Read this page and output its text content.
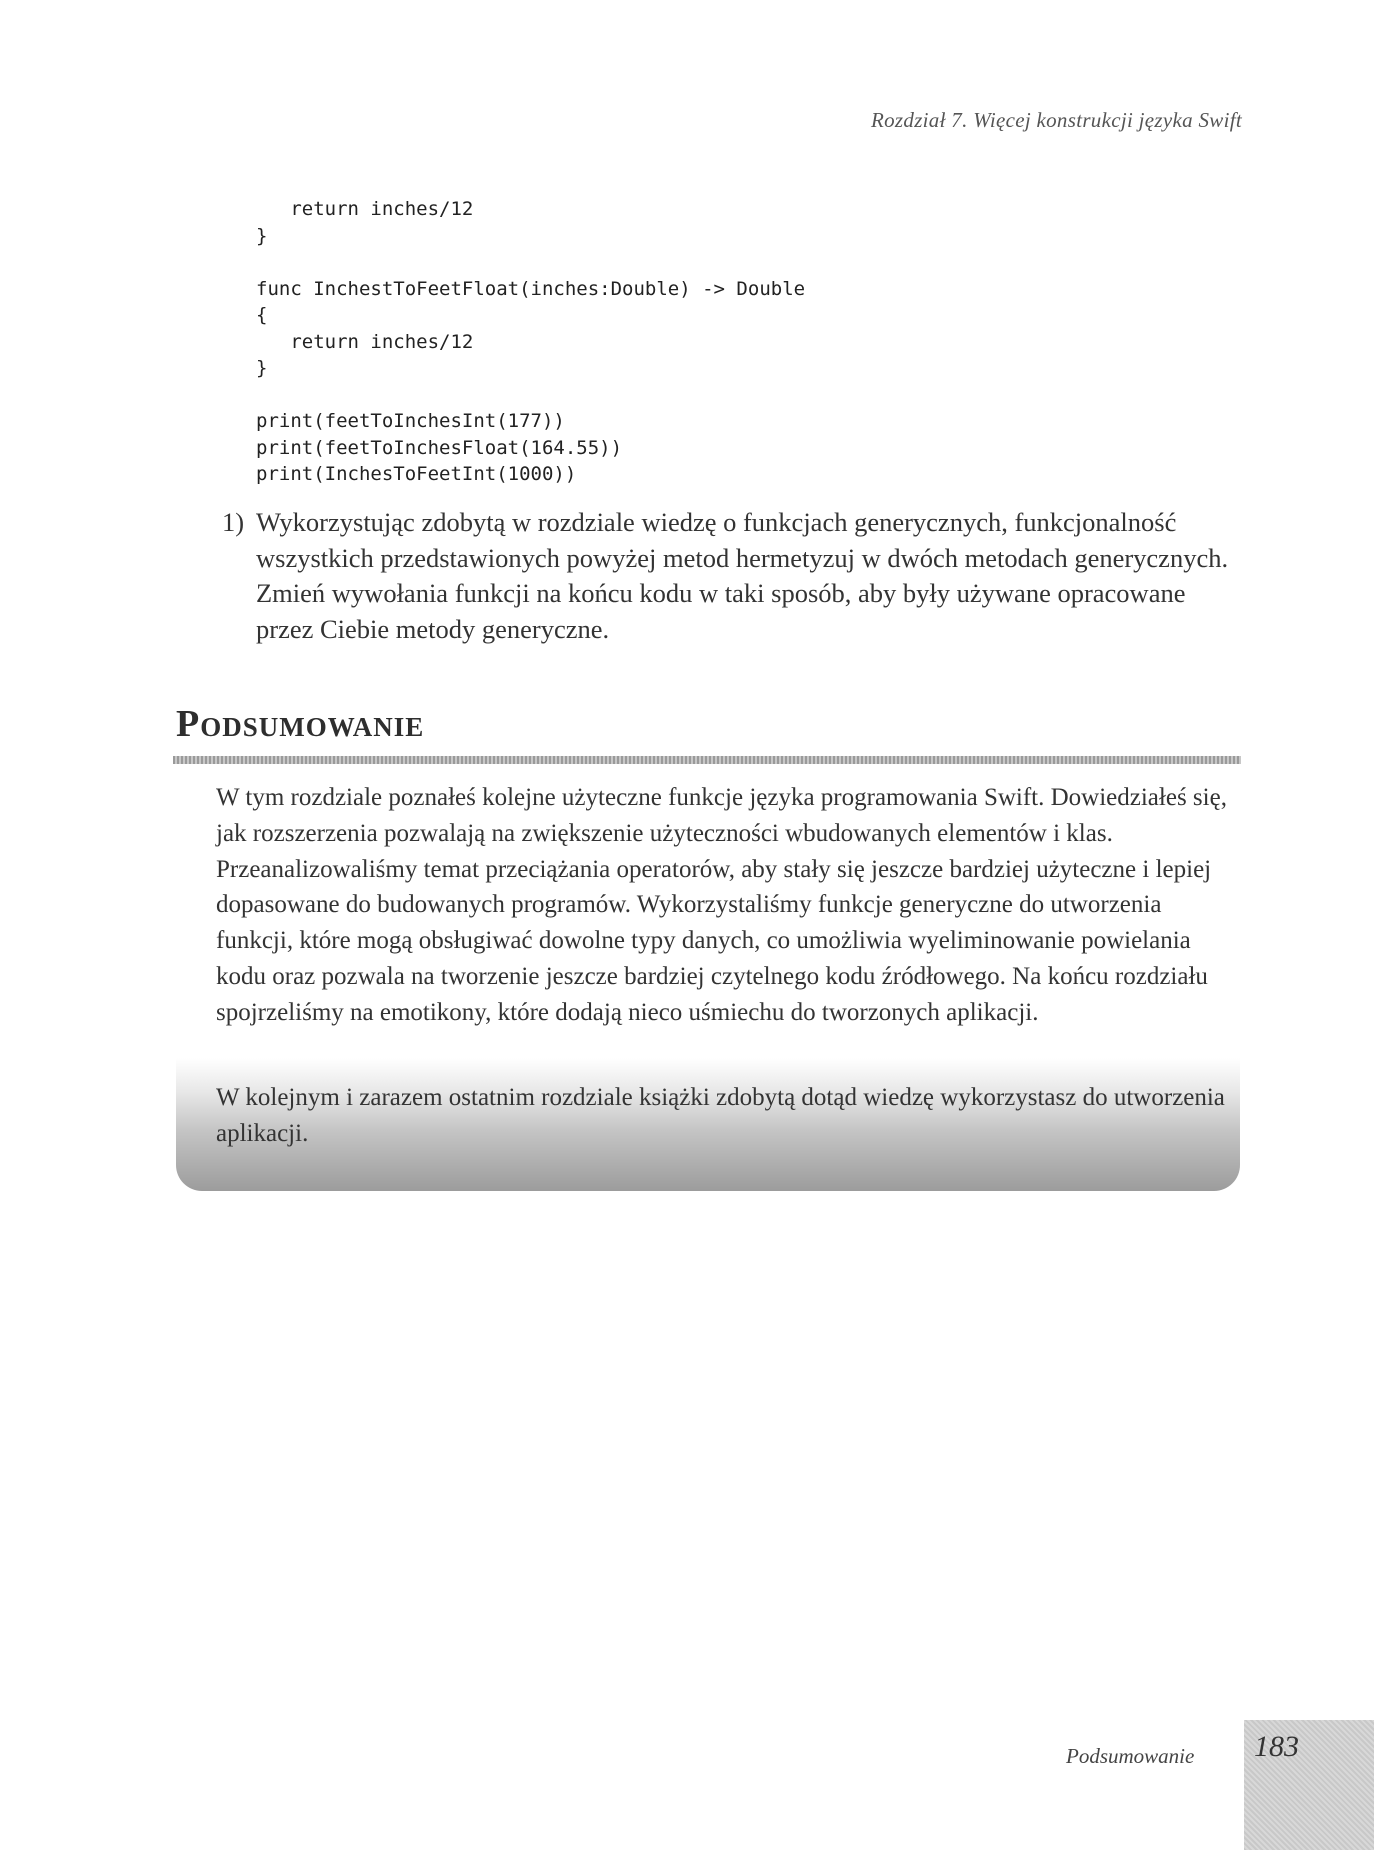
Rozdział 7. Więcej konstrukcji języka Swift
return inches/12
}

func InchestToFeetFloat(inches:Double) -> Double
{
return inches/12
}

print(feetToInchesInt(177))
print(feetToInchesFloat(164.55))
print(InchesToFeetInt(1000))
1) Wykorzystując zdobytą w rozdziale wiedzę o funkcjach generycznych, funkcjonalność wszystkich przedstawionych powyżej metod hermetyzuj w dwóch metodach generycznych. Zmień wywołania funkcji na końcu kodu w taki sposób, aby były używane opracowane przez Ciebie metody generyczne.
Podsumowanie
W tym rozdziale poznałeś kolejne użyteczne funkcje języka programowania Swift. Dowiedziałeś się, jak rozszerzenia pozwalają na zwiększenie użyteczności wbudowanych elementów i klas. Przeanalizowaliśmy temat przeciążania operatorów, aby stały się jeszcze bardziej użyteczne i lepiej dopasowane do budowanych programów. Wykorzystaliśmy funkcje generyczne do utworzenia funkcji, które mogą obsługiwać dowolne typy danych, co umożliwia wyeliminowanie powielania kodu oraz pozwala na tworzenie jeszcze bardziej czytelnego kodu źródłowego. Na końcu rozdziału spojrzeliśmy na emotikony, które dodają nieco uśmiechu do tworzonych aplikacji.
W kolejnym i zarazem ostatnim rozdziale książki zdobytą dotąd wiedzę wykorzystasz do utworzenia aplikacji.
Podsumowanie 183
